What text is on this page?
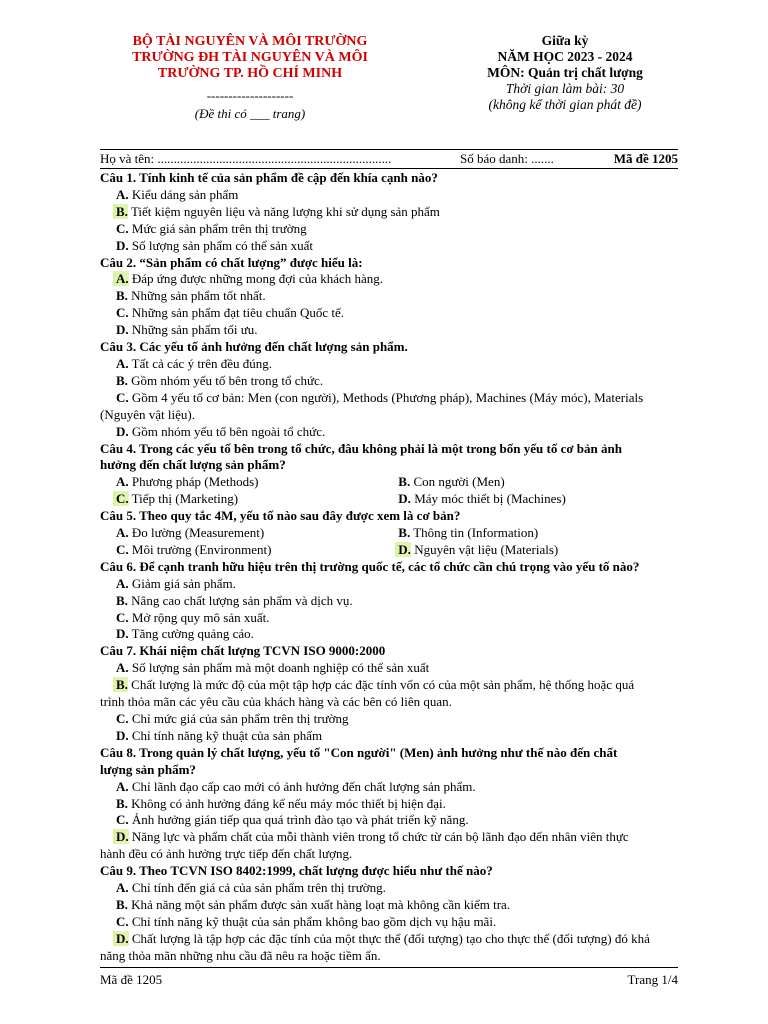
BỘ TÀI NGUYÊN VÀ MÔI TRƯỜNG
TRƯỜNG ĐH TÀI NGUYÊN VÀ MÔI
TRƯỜNG TP. HỒ CHÍ MINH
--------------------
(Đề thi có ___ trang)
Giữa kỳ
NĂM HỌC 2023 - 2024
MÔN: Quản trị chất lượng
Thời gian làm bài: 30
(không kể thời gian phát đề)
Họ và tên: ........................................................................	Số báo danh: .......	Mã đề 1205
Câu 1. Tính kinh tế của sản phẩm đề cập đến khía cạnh nào?
A. Kiểu dáng sản phẩm
B. Tiết kiệm nguyên liệu và năng lượng khi sử dụng sản phẩm
C. Mức giá sản phẩm trên thị trường
D. Số lượng sản phẩm có thể sản xuất
Câu 2. “Sản phẩm có chất lượng” được hiểu là:
A. Đáp ứng được những mong đợi của khách hàng.
B. Những sản phẩm tốt nhất.
C. Những sản phẩm đạt tiêu chuẩn Quốc tế.
D. Những sản phẩm tối ưu.
Câu 3. Các yếu tố ảnh hưởng đến chất lượng sản phẩm.
A. Tất cả các ý trên đều đúng.
B. Gồm nhóm yếu tố bên trong tổ chức.
C. Gồm 4 yếu tố cơ bản: Men (con người), Methods (Phương pháp), Machines (Máy móc), Materials
(Nguyên vật liệu).
D. Gồm nhóm yếu tố bên ngoài tổ chức.
Câu 4. Trong các yếu tố bên trong tổ chức, đâu không phải là một trong bốn yếu tố cơ bản ảnh
hưởng đến chất lượng sản phẩm?
A. Phương pháp (Methods)	B. Con người (Men)
C. Tiếp thị (Marketing)	D. Máy móc thiết bị (Machines)
Câu 5. Theo quy tắc 4M, yếu tố nào sau đây được xem là cơ bản?
A. Đo lường (Measurement)	B. Thông tin (Information)
C. Môi trường (Environment)	D. Nguyên vật liệu (Materials)
Câu 6. Để cạnh tranh hữu hiệu trên thị trường quốc tế, các tổ chức cần chú trọng vào yếu tố nào?
A. Giảm giá sản phẩm.
B. Nâng cao chất lượng sản phẩm và dịch vụ.
C. Mở rộng quy mô sản xuất.
D. Tăng cường quảng cáo.
Câu 7. Khái niệm chất lượng TCVN ISO 9000:2000
A. Số lượng sản phẩm mà một doanh nghiệp có thể sản xuất
B. Chất lượng là mức độ của một tập hợp các đặc tính vốn có của một sản phẩm, hệ thống hoặc quá
trình thỏa mãn các yêu cầu của khách hàng và các bên có liên quan.
C. Chỉ mức giá của sản phẩm trên thị trường
D. Chỉ tính năng kỹ thuật của sản phẩm
Câu 8. Trong quản lý chất lượng, yếu tố "Con người" (Men) ảnh hưởng như thế nào đến chất
lượng sản phẩm?
A. Chỉ lãnh đạo cấp cao mới có ảnh hưởng đến chất lượng sản phẩm.
B. Không có ảnh hưởng đáng kể nếu máy móc thiết bị hiện đại.
C. Ảnh hưởng gián tiếp qua quá trình đào tạo và phát triển kỹ năng.
D. Năng lực và phẩm chất của mỗi thành viên trong tổ chức từ cán bộ lãnh đạo đến nhân viên thực
hành đều có ảnh hưởng trực tiếp đến chất lượng.
Câu 9. Theo TCVN ISO 8402:1999, chất lượng được hiểu như thế nào?
A. Chỉ tính đến giá cả của sản phẩm trên thị trường.
B. Khả năng một sản phẩm được sản xuất hàng loạt mà không cần kiểm tra.
C. Chỉ tính năng kỹ thuật của sản phẩm không bao gồm dịch vụ hậu mãi.
D. Chất lượng là tập hợp các đặc tính của một thực thể (đối tượng) tạo cho thực thể (đối tượng) đó khả
năng thỏa mãn những nhu cầu đã nêu ra hoặc tiềm ẩn.
Mã đề 1205	Trang 1/4
